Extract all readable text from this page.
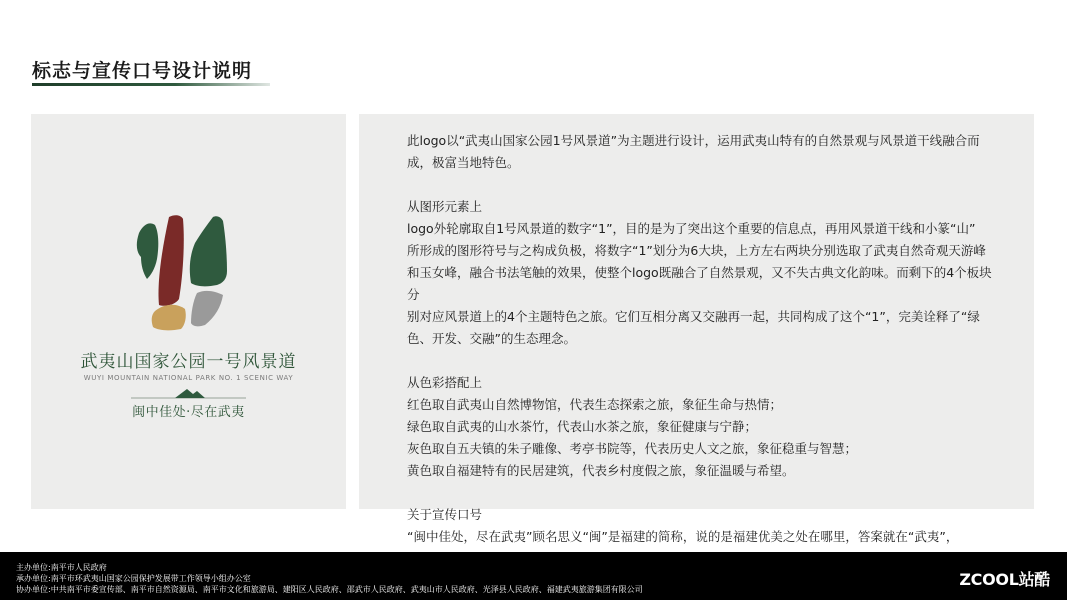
标志与宣传口号设计说明
武夷山国家公园一号风景道
WUYI MOUNTAIN NATIONAL PARK NO. 1 SCENIC WAY
闽中佳处·尽在武夷

此logo以“武夷山国家公园1号风景道”为主题进行设计，运用武夷山特有的自然景观与风景道干线融合而

成，极富当地特色。

从图形元素上

logo外轮廓取自1号风景道的数字“1”，目的是为了突出这个重要的信息点，再用风景道干线和小篆“山”

所形成的图形符号与之构成负极，将数字“1”划分为6大块，上方左右两块分别选取了武夷自然奇观天游峰

和玉女峰，融合书法笔触的效果，使整个logo既融合了自然景观，又不失古典文化韵味。而剩下的4个板块分

别对应风景道上的4个主题特色之旅。它们互相分离又交融再一起，共同构成了这个“1”，完美诠释了“绿

色、开发、交融”的生态理念。

从色彩搭配上

红色取自武夷山自然博物馆，代表生态探索之旅，象征生命与热情；

绿色取自武夷的山水茶竹，代表山水茶之旅，象征健康与宁静；

灰色取自五夫镇的朱子雕像、考亭书院等，代表历史人文之旅，象征稳重与智慧；

黄色取自福建特有的民居建筑，代表乡村度假之旅，象征温暖与希望。

关于宣传口号

“闽中佳处，尽在武夷”顾名思义“闽”是福建的简称，说的是福建优美之处在哪里，答案就在“武夷”，

主办单位:南平市人民政府
承办单位:南平市环武夷山国家公园保护发展带工作领导小组办公室
协办单位:中共南平市委宣传部、南平市自然资源局、南平市文化和旅游局、建阳区人民政府、邵武市人民政府、武夷山市人民政府、光泽县人民政府、福建武夷旅游集团有限公司
ZCOOL站酷
